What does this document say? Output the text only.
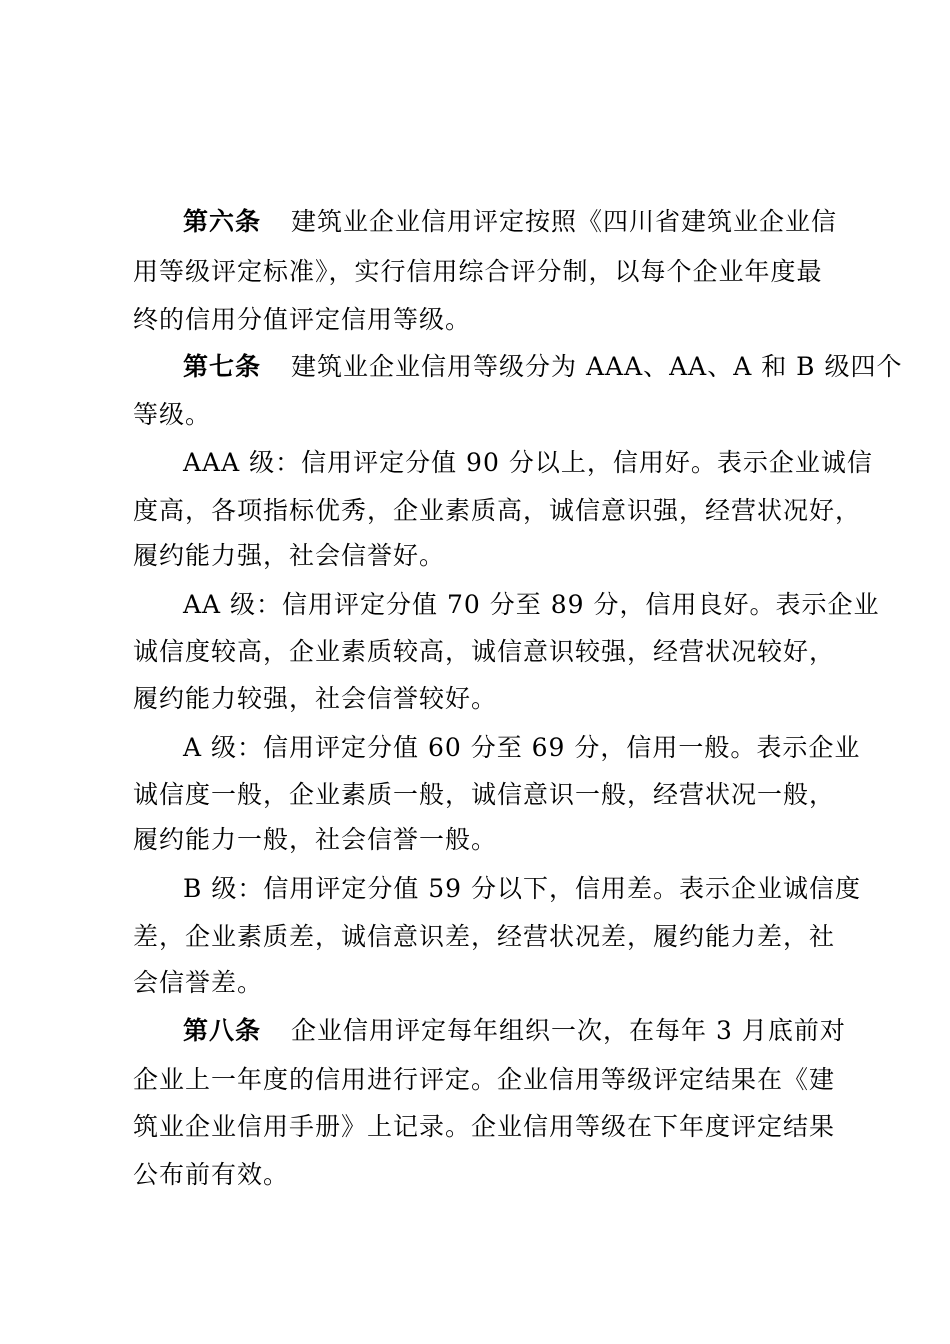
第六条 建筑业企业信用评定按照《四川省建筑业企业信
用等级评定标准》，实行信用综合评分制，以每个企业年度最
终的信用分值评定信用等级。
第七条 建筑业企业信用等级分为 AAA、AA、A 和 B 级四个
等级。
AAA 级：信用评定分值 90 分以上，信用好。表示企业诚信
度高，各项指标优秀，企业素质高，诚信意识强，经营状况好，
履约能力强，社会信誉好。
AA 级：信用评定分值 70 分至 89 分，信用良好。表示企业
诚信度较高，企业素质较高，诚信意识较强，经营状况较好，
履约能力较强，社会信誉较好。
A 级：信用评定分值 60 分至 69 分，信用一般。表示企业
诚信度一般，企业素质一般，诚信意识一般，经营状况一般，
履约能力一般，社会信誉一般。
B 级：信用评定分值 59 分以下，信用差。表示企业诚信度
差，企业素质差，诚信意识差，经营状况差，履约能力差，社
会信誉差。
第八条 企业信用评定每年组织一次，在每年 3 月底前对
企业上一年度的信用进行评定。企业信用等级评定结果在《建
筑业企业信用手册》上记录。企业信用等级在下年度评定结果
公布前有效。
